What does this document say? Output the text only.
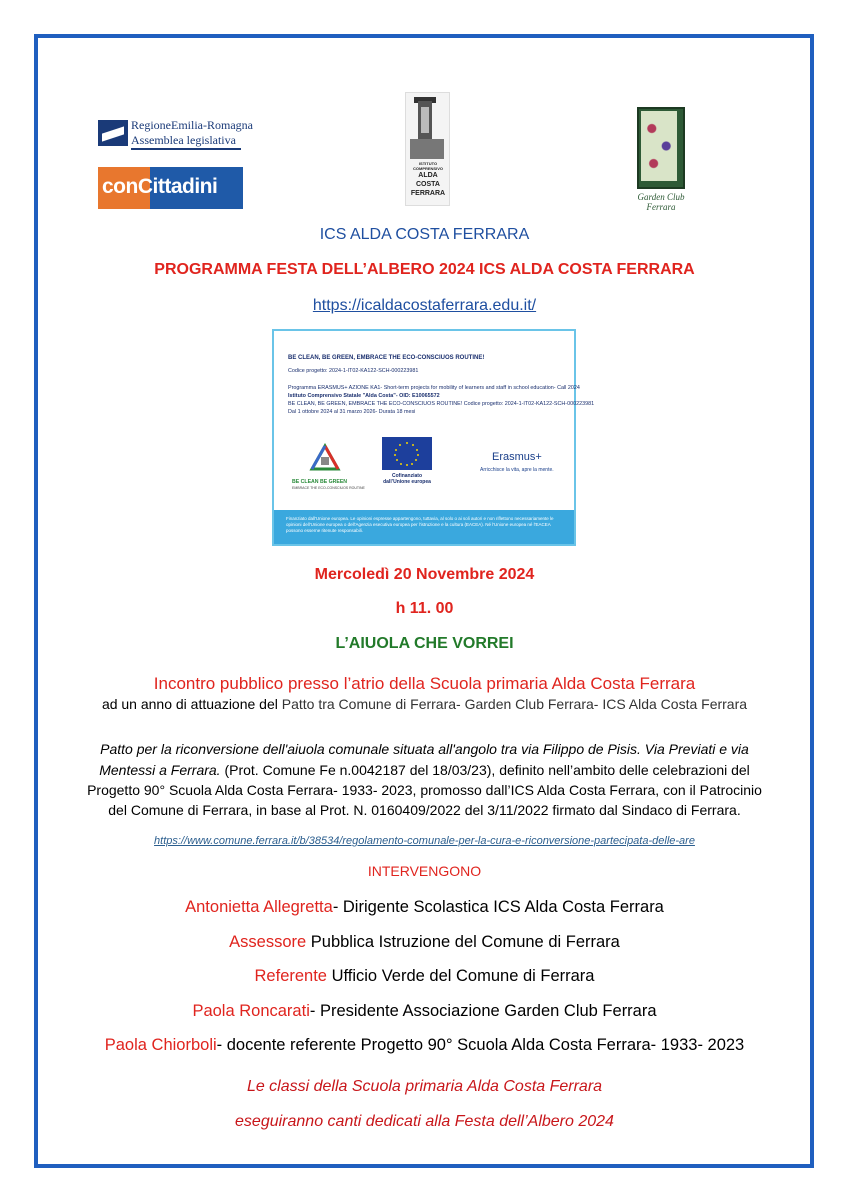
RegioneEmilia-Romagna
Assemblea legislativa
conCittadini
ISTITUTO
COMPRENSIVO
ALDA
COSTA
FERRARA	Garden Club
Ferrara
ICS ALDA COSTA FERRARA
PROGRAMMA FESTA DELL’ALBERO 2024 ICS ALDA COSTA FERRARA
https://icaldacostaferrara.edu.it/
BE CLEAN, BE GREEN, EMBRACE THE ECO-CONSCIUOS ROUTINE!
Codice progetto: 2024-1-IT02-KA122-SCH-000223981
Programma ERASMUS+ AZIONE KA1- Short-term projects for mobility of learners and staff in school education- Call 2024
Istituto Comprensivo Statale "Alda Costa"- OID: E10065572
BE CLEAN, BE GREEN, EMBRACE THE ECO-CONSCIUOS ROUTINE! Codice progetto: 2024-1-IT02-KA122-SCH-000223981
Dal 1 ottobre 2024 al 31 marzo 2026- Durata 18 mesi
BE CLEAN BE GREEN
EMBRACE THE ECO-CONSCIUOS ROUTINE
Cofinanziato
dall’Unione europea
Erasmus+
Arricchisce la vita, apre la mente.
Finanziato dall'Unione europea. Le opinioni espresse appartengono, tuttavia, al solo o ai soli autori e non riflettono necessariamente le opinioni dell'Unione europea o dell'Agenzia esecutiva europea per l'istruzione e la cultura (EACEA). Né l'Unione europea né l'EACEA possono esserne ritenute responsabili.
Mercoledì 20 Novembre 2024
h 11. 00
L’AIUOLA CHE VORREI
Incontro pubblico presso l’atrio della Scuola primaria Alda Costa Ferrara
ad un anno di attuazione del Patto tra Comune di Ferrara- Garden Club Ferrara- ICS Alda Costa Ferrara
Patto per la riconversione dell'aiuola comunale situata all'angolo tra via Filippo de Pisis. Via Previati e via
Mentessi a Ferrara. (Prot. Comune Fe n.0042187 del 18/03/23), definito nell’ambito delle celebrazioni del
Progetto 90° Scuola Alda Costa Ferrara- 1933- 2023, promosso dall’ICS Alda Costa Ferrara, con il Patrocinio
del Comune di Ferrara, in base al Prot. N. 0160409/2022 del 3/11/2022 firmato dal Sindaco di Ferrara.
https://www.comune.ferrara.it/b/38534/regolamento-comunale-per-la-cura-e-riconversione-partecipata-delle-are
INTERVENGONO
Antonietta Allegretta- Dirigente Scolastica ICS Alda Costa Ferrara
Assessore Pubblica Istruzione del Comune di Ferrara
Referente Ufficio Verde del Comune di Ferrara
Paola Roncarati- Presidente Associazione Garden Club Ferrara
Paola Chiorboli- docente referente Progetto 90° Scuola Alda Costa Ferrara- 1933- 2023
Le classi della Scuola primaria Alda Costa Ferrara
eseguiranno canti dedicati alla Festa dell’Albero 2024
